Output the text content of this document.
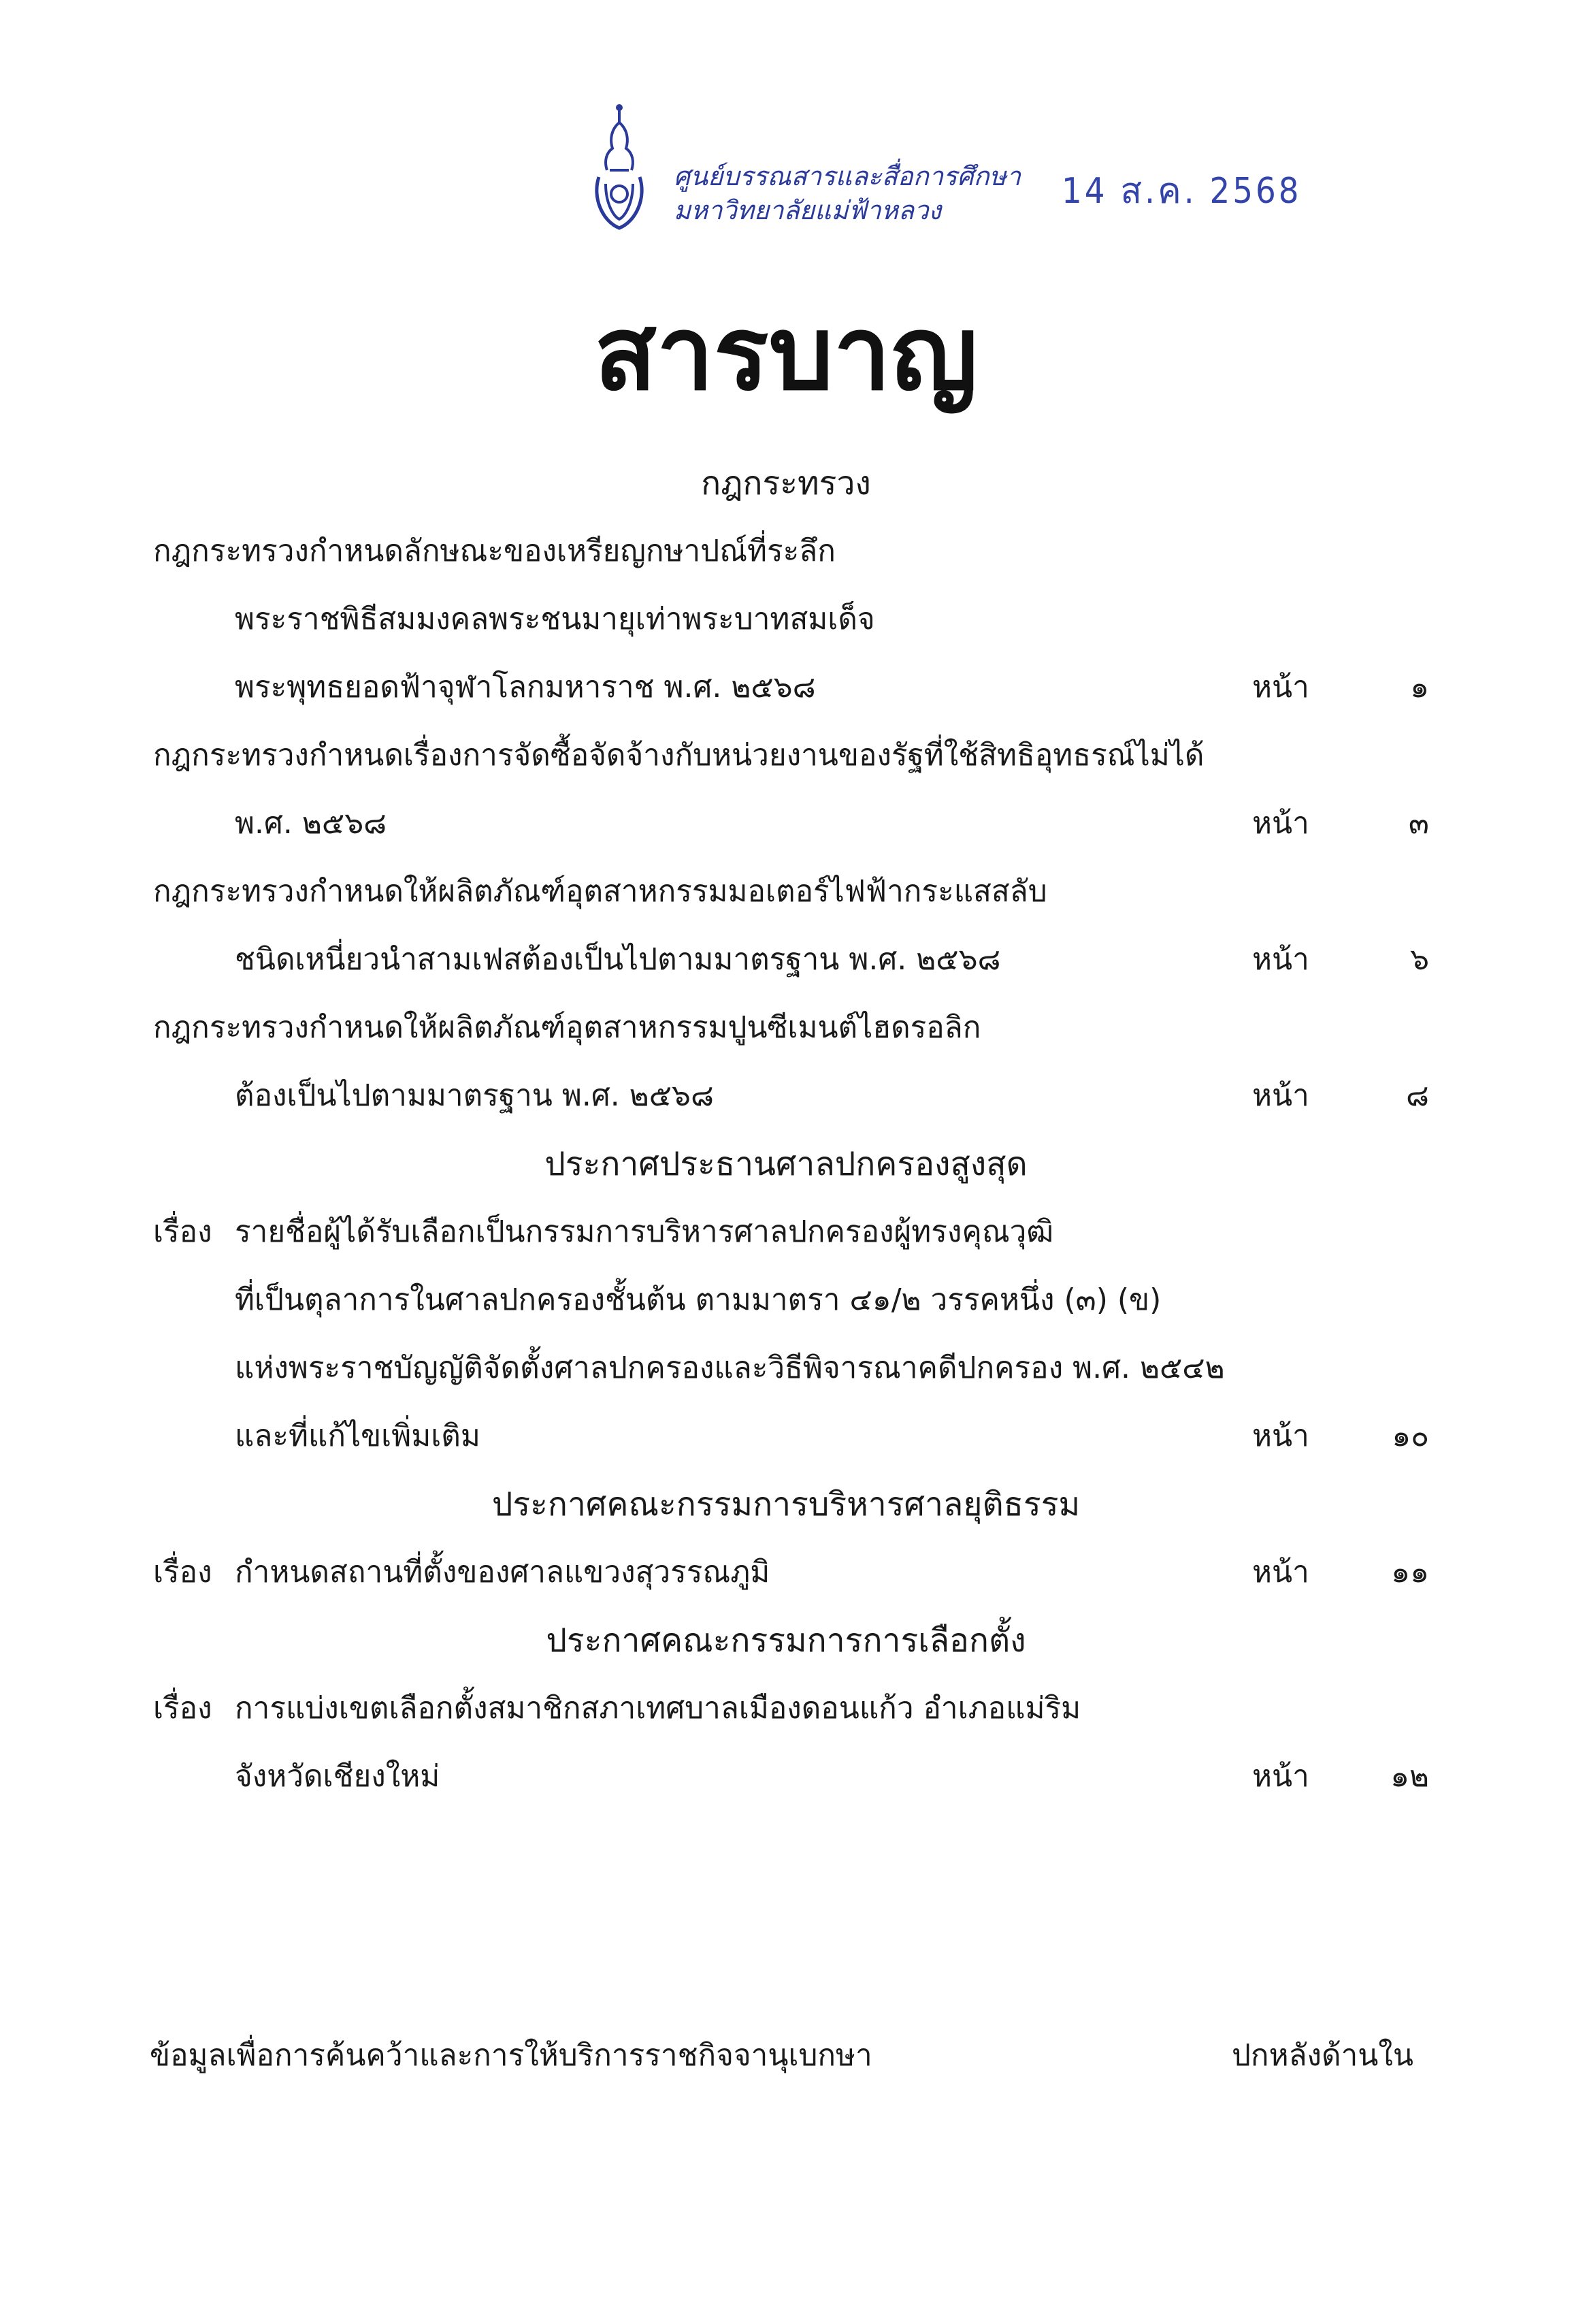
ศูนย์บรรณสารและสื่อการศึกษา
มหาวิทยาลัยแม่ฟ้าหลวง	14 ส.ค. 2568
สารบาญ
กฎกระทรวง
กฎกระทรวงกำหนดลักษณะของเหรียญกษาปณ์ที่ระลึก
พระราชพิธีสมมงคลพระชนมายุเท่าพระบาทสมเด็จ
พระพุทธยอดฟ้าจุฬาโลกมหาราช พ.ศ. ๒๕๖๘	หน้า	๑
กฎกระทรวงกำหนดเรื่องการจัดซื้อจัดจ้างกับหน่วยงานของรัฐที่ใช้สิทธิอุทธรณ์ไม่ได้
พ.ศ. ๒๕๖๘	หน้า	๓
กฎกระทรวงกำหนดให้ผลิตภัณฑ์อุตสาหกรรมมอเตอร์ไฟฟ้ากระแสสลับ
ชนิดเหนี่ยวนำสามเฟสต้องเป็นไปตามมาตรฐาน พ.ศ. ๒๕๖๘	หน้า	๖
กฎกระทรวงกำหนดให้ผลิตภัณฑ์อุตสาหกรรมปูนซีเมนต์ไฮดรอลิก
ต้องเป็นไปตามมาตรฐาน พ.ศ. ๒๕๖๘	หน้า	๘
ประกาศประธานศาลปกครองสูงสุด
เรื่อง รายชื่อผู้ได้รับเลือกเป็นกรรมการบริหารศาลปกครองผู้ทรงคุณวุฒิ
ที่เป็นตุลาการในศาลปกครองชั้นต้น ตามมาตรา ๔๑/๒ วรรคหนึ่ง (๓) (ข)
แห่งพระราชบัญญัติจัดตั้งศาลปกครองและวิธีพิจารณาคดีปกครอง พ.ศ. ๒๕๔๒
และที่แก้ไขเพิ่มเติม	หน้า	๑๐
ประกาศคณะกรรมการบริหารศาลยุติธรรม
เรื่อง กำหนดสถานที่ตั้งของศาลแขวงสุวรรณภูมิ	หน้า	๑๑
ประกาศคณะกรรมการการเลือกตั้ง
เรื่อง การแบ่งเขตเลือกตั้งสมาชิกสภาเทศบาลเมืองดอนแก้ว อำเภอแม่ริม
จังหวัดเชียงใหม่	หน้า	๑๒
ข้อมูลเพื่อการค้นคว้าและการให้บริการราชกิจจานุเบกษา	ปกหลังด้านใน
